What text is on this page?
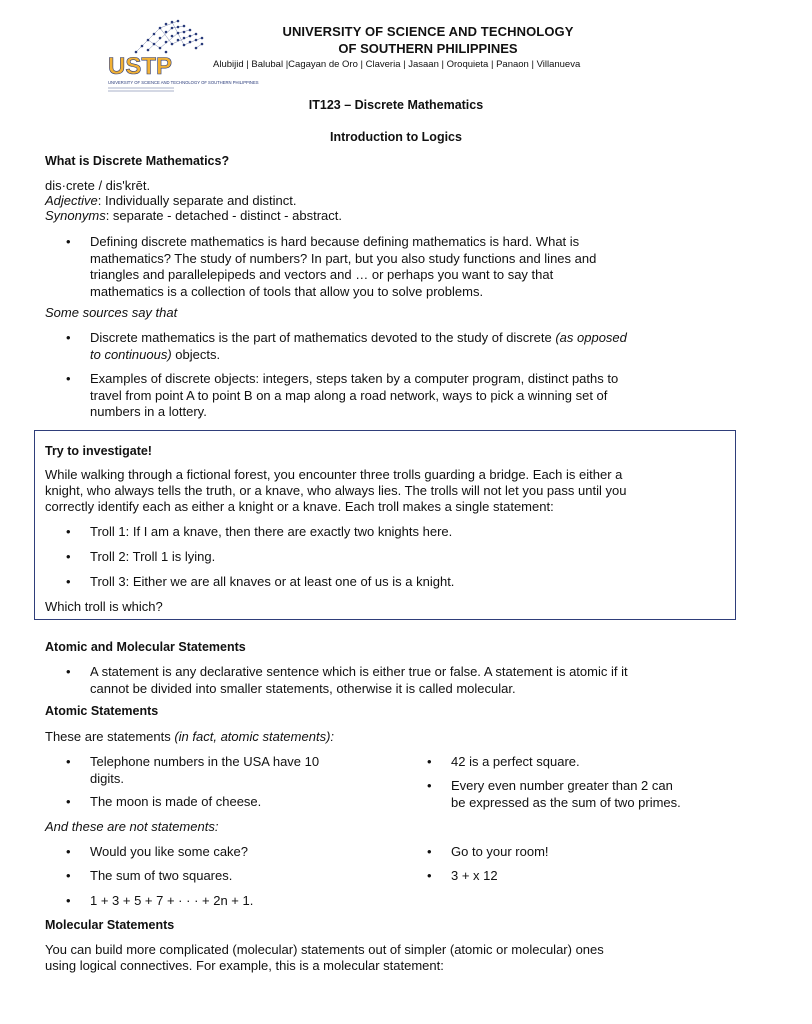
USTP
UNIVERSITY OF SCIENCE AND TECHNOLOGY OF SOUTHERN PHILIPPINES
UNIVERSITY OF SCIENCE AND TECHNOLOGY
OF SOUTHERN PHILIPPINES
Alubijid | Balubal |Cagayan de Oro | Claveria | Jasaan | Oroquieta | Panaon | Villanueva
IT123 – Discrete Mathematics
Introduction to Logics
What is Discrete Mathematics?
dis·crete / dis'krēt.
Adjective: Individually separate and distinct.
Synonyms: separate - detached - distinct - abstract.
• Defining discrete mathematics is hard because defining mathematics is hard. What is
mathematics? The study of numbers? In part, but you also study functions and lines and
triangles and parallelepipeds and vectors and … or perhaps you want to say that
mathematics is a collection of tools that allow you to solve problems.
Some sources say that
• Discrete mathematics is the part of mathematics devoted to the study of discrete (as opposed
to continuous) objects.
• Examples of discrete objects: integers, steps taken by a computer program, distinct paths to
travel from point A to point B on a map along a road network, ways to pick a winning set of
numbers in a lottery.
Try to investigate!
While walking through a fictional forest, you encounter three trolls guarding a bridge. Each is either a
knight, who always tells the truth, or a knave, who always lies. The trolls will not let you pass until you
correctly identify each as either a knight or a knave. Each troll makes a single statement:
• Troll 1: If I am a knave, then there are exactly two knights here.
• Troll 2: Troll 1 is lying.
• Troll 3: Either we are all knaves or at least one of us is a knight.
Which troll is which?
Atomic and Molecular Statements
• A statement is any declarative sentence which is either true or false. A statement is atomic if it
cannot be divided into smaller statements, otherwise it is called molecular.
Atomic Statements
These are statements (in fact, atomic statements):
• Telephone numbers in the USA have 10
digits.
• The moon is made of cheese.
• 42 is a perfect square.
• Every even number greater than 2 can
be expressed as the sum of two primes.
And these are not statements:
• Would you like some cake?
• The sum of two squares.
• 1 + 3 + 5 + 7 + · · · + 2n + 1.
• Go to your room!
• 3 + x 12
Molecular Statements
You can build more complicated (molecular) statements out of simpler (atomic or molecular) ones
using logical connectives. For example, this is a molecular statement:
